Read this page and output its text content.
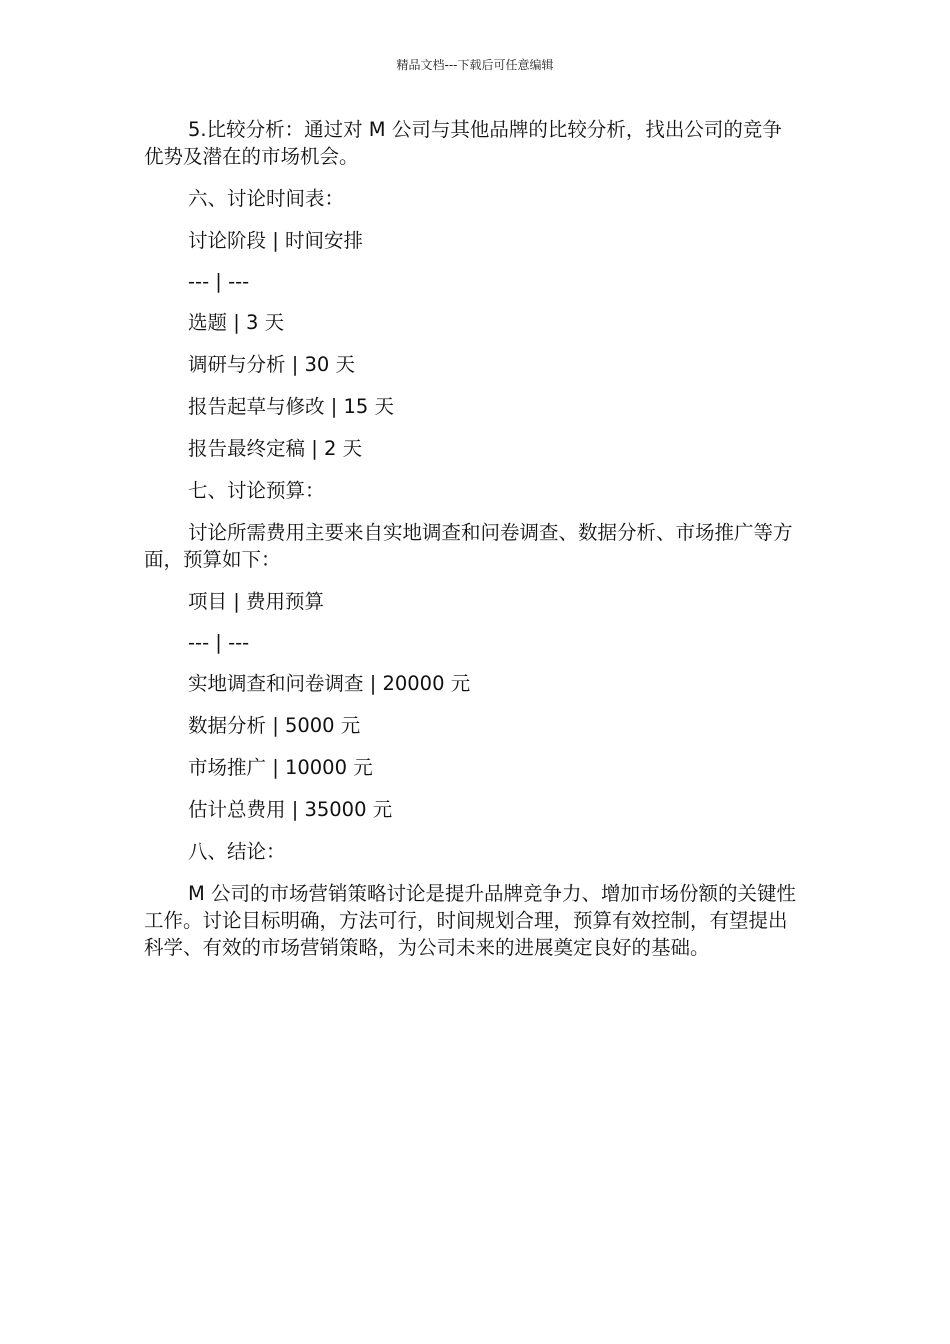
精品文档---下载后可任意编辑

5.比较分析：通过对 M 公司与其他品牌的比较分析，找出公司的竞争优势及潜在的市场机会。

六、讨论时间表：

讨论阶段 | 时间安排

--- | ---

选题 | 3 天

调研与分析 | 30 天

报告起草与修改 | 15 天

报告最终定稿 | 2 天

七、讨论预算：

讨论所需费用主要来自实地调查和问卷调查、数据分析、市场推广等方面，预算如下：

项目 | 费用预算

--- | ---

实地调查和问卷调查 | 20000 元

数据分析 | 5000 元

市场推广 | 10000 元

估计总费用 | 35000 元

八、结论：

M 公司的市场营销策略讨论是提升品牌竞争力、增加市场份额的关键性工作。讨论目标明确，方法可行，时间规划合理，预算有效控制，有望提出科学、有效的市场营销策略，为公司未来的进展奠定良好的基础。
